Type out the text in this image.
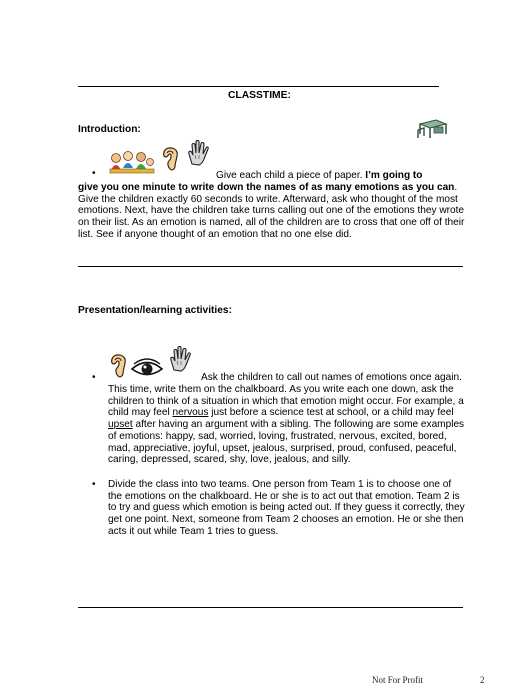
CLASSTIME:
Introduction:
•	Give each child a piece of paper. I’m going to
give you one minute to write down the names of as many emotions as you can.
Give the children exactly 60 seconds to write. Afterward, ask who thought of the most
emotions. Next, have the children take turns calling out one of the emotions they wrote
on their list. As an emotion is named, all of the children are to cross that one off of their
list. See if anyone thought of an emotion that no one else did.
Presentation/learning activities:
•	Ask the children to call out names of emotions once again.
This time, write them on the chalkboard. As you write each one down, ask the
children to think of a situation in which that emotion might occur. For example, a
child may feel nervous just before a science test at school, or a child may feel
upset after having an argument with a sibling. The following are some examples
of emotions: happy, sad, worried, loving, frustrated, nervous, excited, bored,
mad, appreciative, joyful, upset, jealous, surprised, proud, confused, peaceful,
caring, depressed, scared, shy, love, jealous, and silly.
• Divide the class into two teams. One person from Team 1 is to choose one of
the emotions on the chalkboard. He or she is to act out that emotion. Team 2 is
to try and guess which emotion is being acted out. If they guess it correctly, they
get one point. Next, someone from Team 2 chooses an emotion. He or she then
acts it out while Team 1 tries to guess.
Not For Profit	2
